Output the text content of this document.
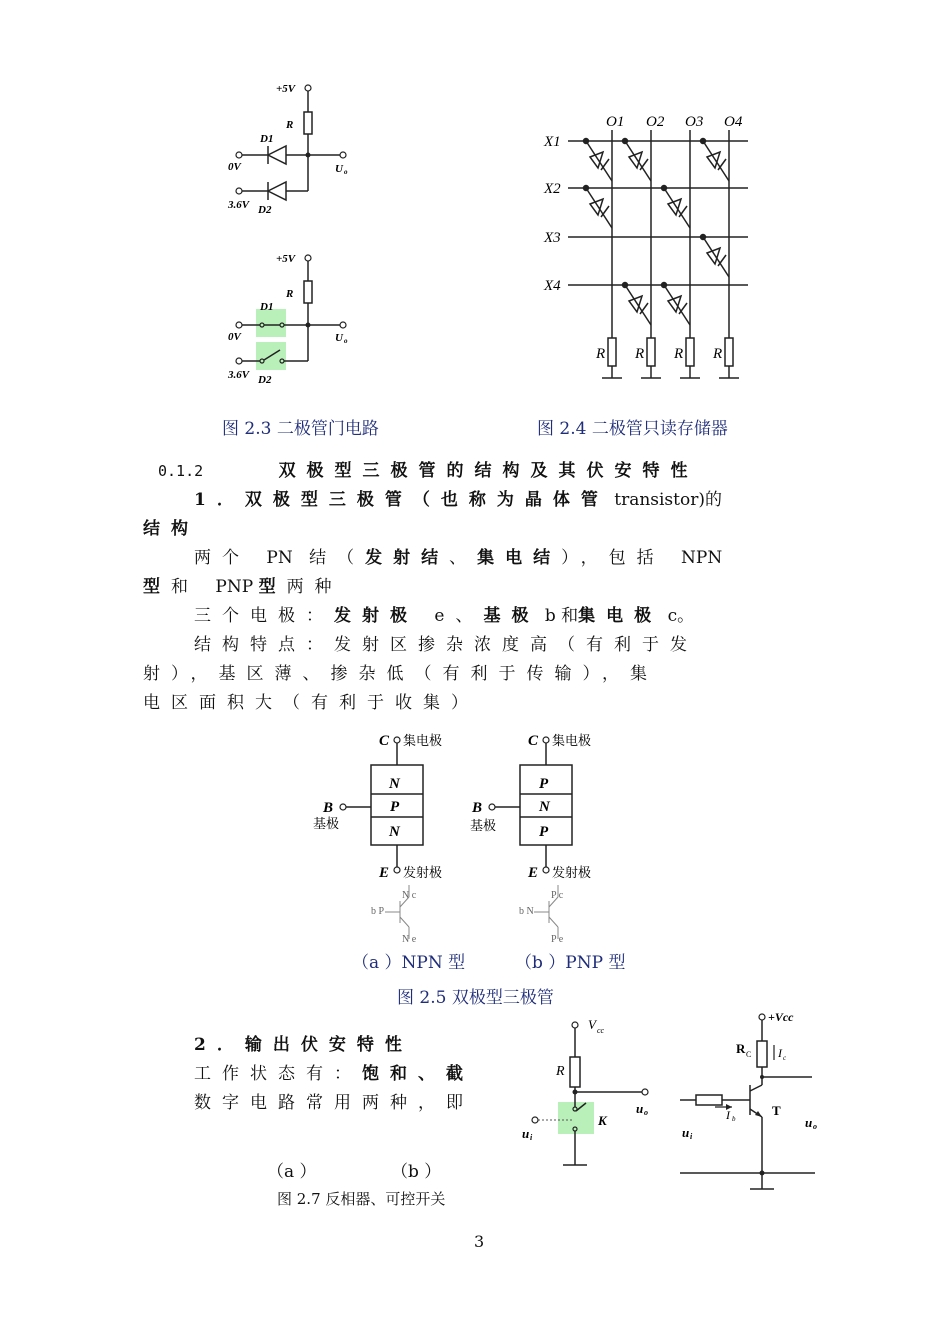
+5V
R
U o
D1
0V
3.6V D2
+5V
R
U o
D1
0V
3.6V D2
O1 O2 O3 O4
X1
X2
X3
X4
R R R R
图 2.3 二极管门电路	图 2.4 二极管只读存储器
0.1.2	双极型三极管的结构及其伏安特性
1．双极型三极管（也称为晶体管 transistor)的
结构
两个 PN 结（发射结、集电结），包括 NPN
型和 PNP 型两种
三个电极：发射极 e、基极 b 和集电极 c。
结构特点：发射区掺杂浓度高（有利于发
射），基区薄、掺杂低（有利于传输），集
电区面积大（有利于收集）
C 集电极
N
P
N
B
基极
E 发射极
N c
b P
N e
C 集电极
P
N
P
B
基极
E 发射极
P c
b N
P e
（a ）NPN 型	（b ）PNP 型
图 2.5 双极型三极管
2．输出伏安特性
工作状态有：饱和、截
数字电路常用两种，即
V cc
R
u o
u i
K
+Vcc
R C I c
I b
T
u i
u o
（a ）	（b ）
图 2.7 反相器、可控开关
3
